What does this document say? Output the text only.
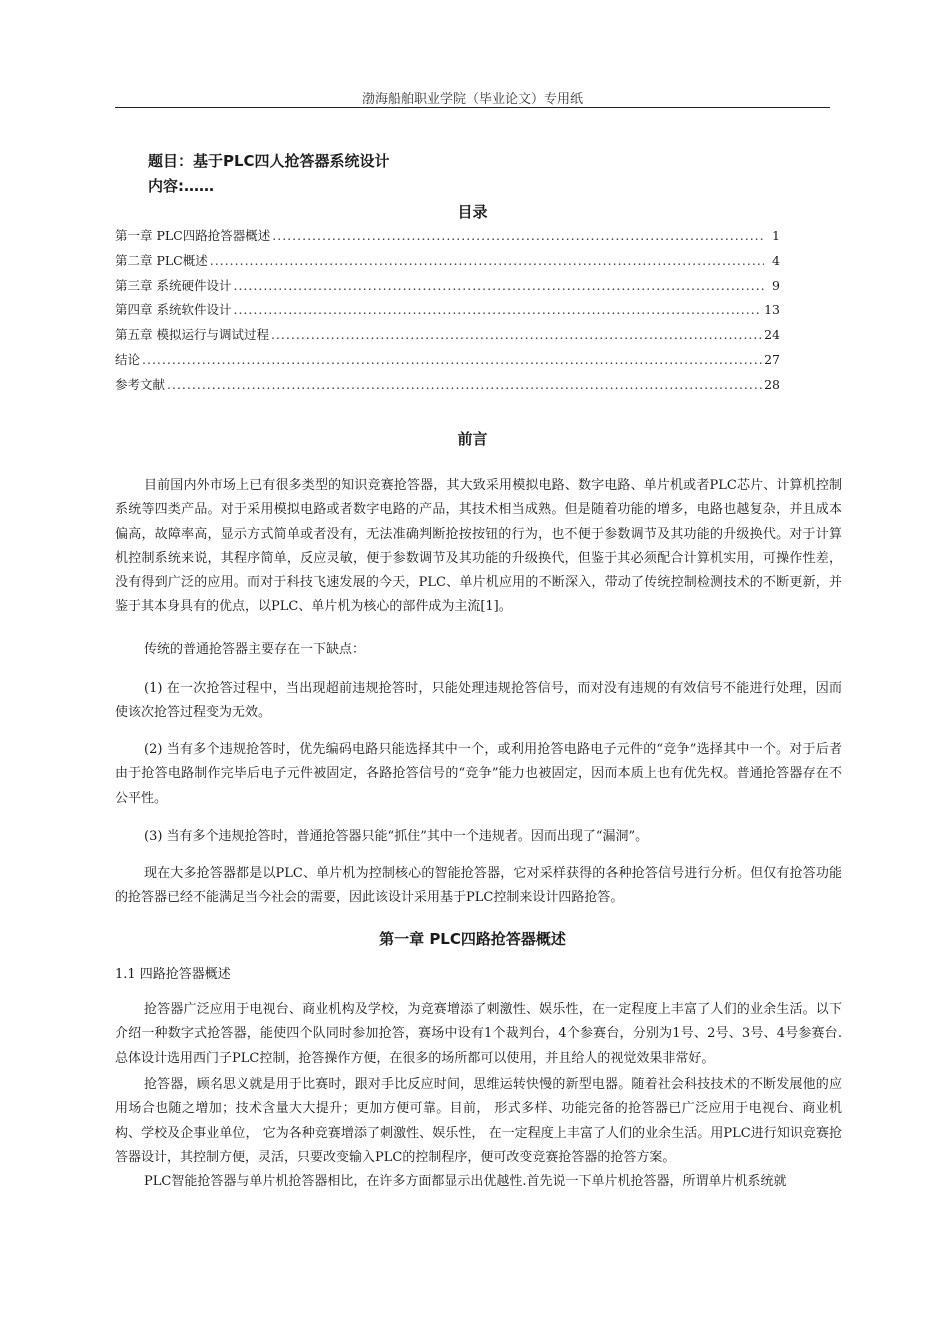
渤海船舶职业学院（毕业论文）专用纸
题目：基于PLC四人抢答器系统设计
内容:……
目录
第一章 PLC四路抢答器概述 .....	1
第二章 PLC概述 .....	4
第三章 系统硬件设计 .....	9
第四章 系统软件设计 .....	13
第五章 模拟运行与调试过程 .....	24
结论 .....	27
参考文献 .....	28
前言

目前国内外市场上已有很多类型的知识竞赛抢答器，其大致采用模拟电路、数字电路、单片机或者PLC芯片、计算机控制系统等四类产品。对于采用模拟电路或者数字电路的产品，其技术相当成熟。但是随着功能的增多，电路也越复杂，并且成本偏高，故障率高，显示方式简单或者没有，无法准确判断抢按按钮的行为，也不便于参数调节及其功能的升级换代。对于计算机控制系统来说，其程序简单，反应灵敏，便于参数调节及其功能的升级换代，但鉴于其必须配合计算机实用，可操作性差，没有得到广泛的应用。而对于科技飞速发展的今天，PLC、单片机应用的不断深入，带动了传统控制检测技术的不断更新，并鉴于其本身具有的优点，以PLC、单片机为核心的部件成为主流[1]。

传统的普通抢答器主要存在一下缺点：

(1) 在一次抢答过程中，当出现超前违规抢答时，只能处理违规抢答信号，而对没有违规的有效信号不能进行处理，因而使该次抢答过程变为无效。

(2) 当有多个违规抢答时，优先编码电路只能选择其中一个，或利用抢答电路电子元件的“竞争”选择其中一个。对于后者由于抢答电路制作完毕后电子元件被固定，各路抢答信号的“竞争”能力也被固定，因而本质上也有优先权。普通抢答器存在不公平性。

(3) 当有多个违规抢答时，普通抢答器只能“抓住”其中一个违规者。因而出现了“漏洞”。

现在大多抢答器都是以PLC、单片机为控制核心的智能抢答器，它对采样获得的各种抢答信号进行分析。但仅有抢答功能的抢答器已经不能满足当今社会的需要，因此该设计采用基于PLC控制来设计四路抢答。

第一章 PLC四路抢答器概述
1.1 四路抢答器概述

抢答器广泛应用于电视台、商业机构及学校，为竞赛增添了刺激性、娱乐性，在一定程度上丰富了人们的业余生活。以下介绍一种数字式抢答器，能使四个队同时参加抢答，赛场中设有1个裁判台，4个参赛台，分别为1号、2号、3号、4号参赛台.总体设计选用西门子PLC控制，抢答操作方便，在很多的场所都可以使用，并且给人的视觉效果非常好。

抢答器，顾名思义就是用于比赛时，跟对手比反应时间，思维运转快慢的新型电器。随着社会科技技术的不断发展他的应用场合也随之增加；技术含量大大提升；更加方便可靠。目前， 形式多样、功能完备的抢答器已广泛应用于电视台、商业机构、学校及企事业单位， 它为各种竞赛增添了刺激性、娱乐性， 在一定程度上丰富了人们的业余生活。用PLC进行知识竞赛抢答器设计，其控制方便，灵活，只要改变输入PLC的控制程序，便可改变竞赛抢答器的抢答方案。

PLC智能抢答器与单片机抢答器相比，在许多方面都显示出优越性.首先说一下单片机抢答器，所谓单片机系统就
